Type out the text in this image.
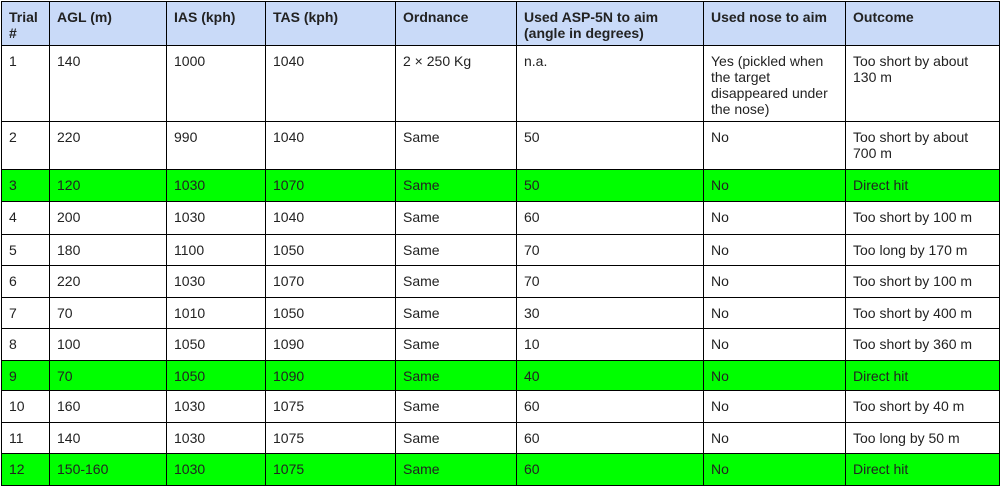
Trial #	AGL (m)	IAS (kph)	TAS (kph)	Ordnance	Used ASP-5N to aim (angle in degrees)	Used nose to aim	Outcome
1	140	1000	1040	2 × 250 Kg	n.a.	Yes (pickled when the target disappeared under the nose)	Too short by about 130 m
2	220	990	1040	Same	50	No	Too short by about 700 m
3	120	1030	1070	Same	50	No	Direct hit
4	200	1030	1040	Same	60	No	Too short by 100 m
5	180	1100	1050	Same	70	No	Too long by 170 m
6	220	1030	1070	Same	70	No	Too short by 100 m
7	70	1010	1050	Same	30	No	Too short by 400 m
8	100	1050	1090	Same	10	No	Too short by 360 m
9	70	1050	1090	Same	40	No	Direct hit
10	160	1030	1075	Same	60	No	Too short by 40 m
11	140	1030	1075	Same	60	No	Too long by 50 m
12	150-160	1030	1075	Same	60	No	Direct hit
